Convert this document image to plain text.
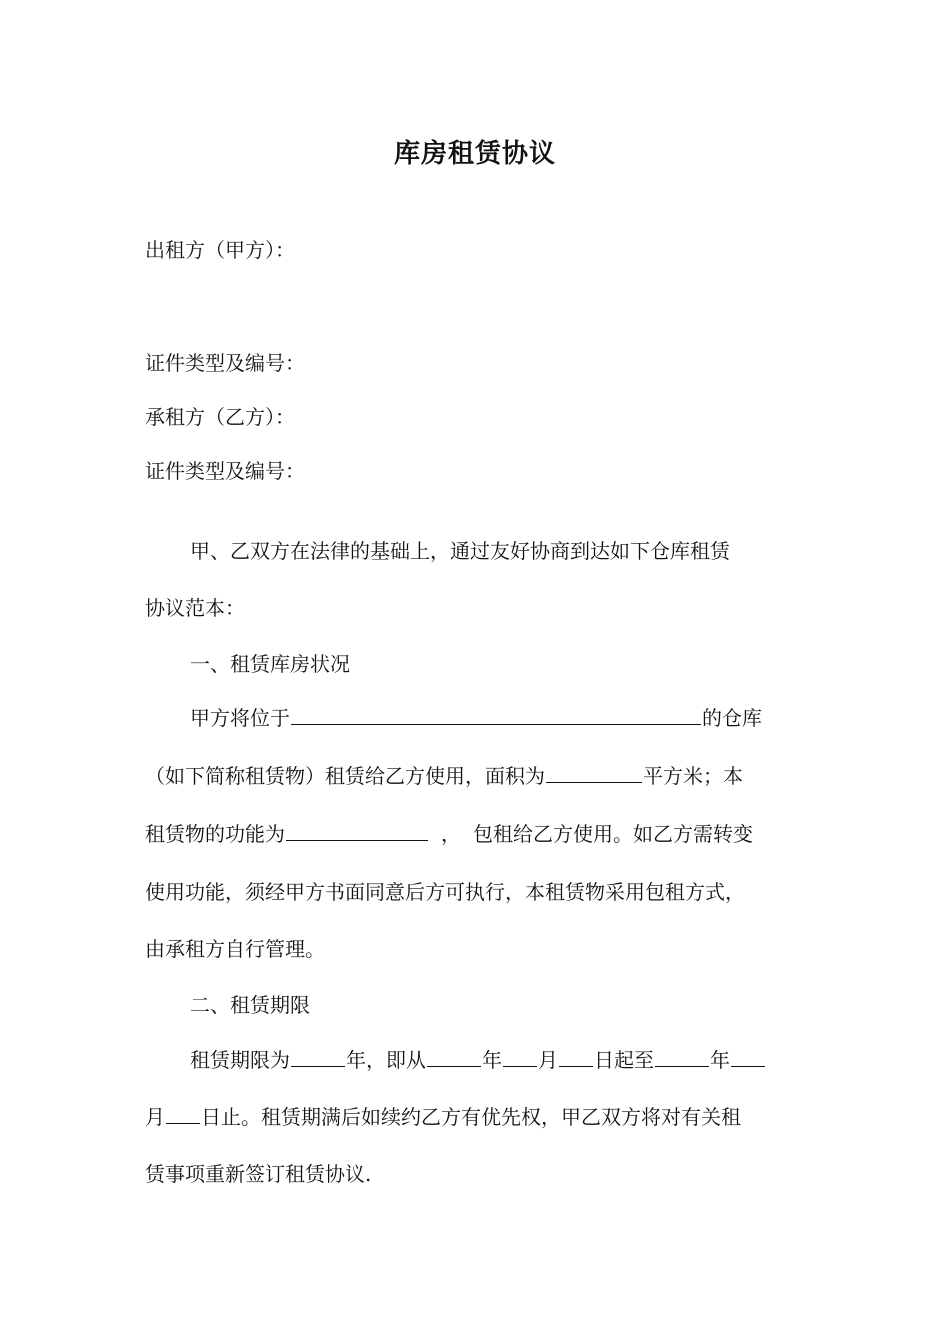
库房租赁协议
出租方（甲方）：
证件类型及编号：
承租方（乙方）：
证件类型及编号：
甲、乙双方在法律的基础上，通过友好协商到达如下仓库租赁
协议范本：
一、租赁库房状况
甲方将位于	的仓库
（如下简称租赁物）租赁给乙方使用，面积为	平方米；本
租赁物的功能为	， 包租给乙方使用。如乙方需转变
使用功能，须经甲方书面同意后方可执行，本租赁物采用包租方式，
由承租方自行管理。
二、租赁期限
租赁期限为	年，即从	年 月 日起至	年
月 日止。租赁期满后如续约乙方有优先权，甲乙双方将对有关租
赁事项重新签订租赁协议.
